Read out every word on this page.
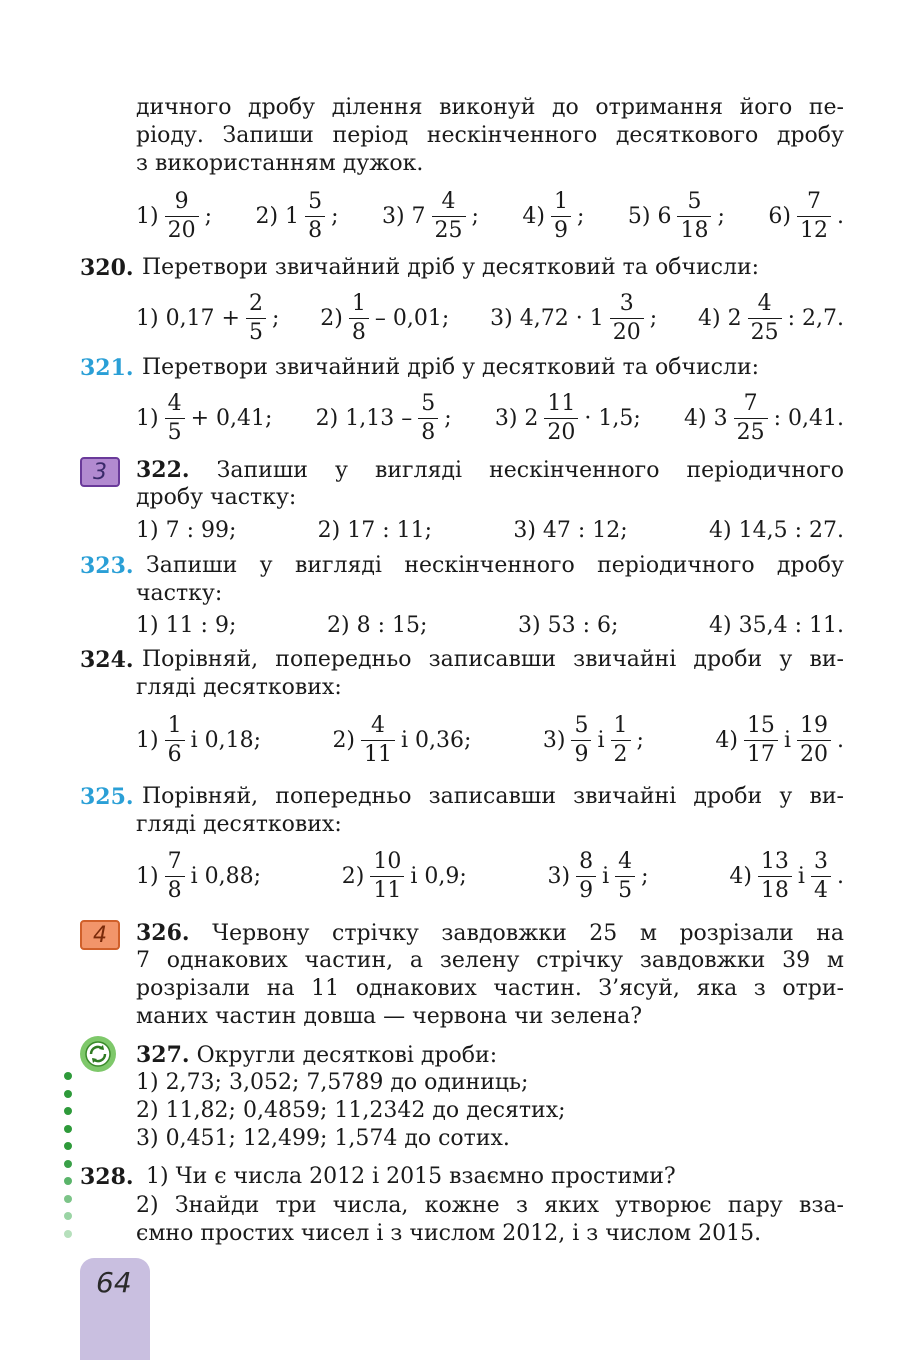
дичного дробу ділення виконуй до отримання його пе-
ріоду. Запиши період нескінченного десяткового дробу
з використанням дужок.
$1) \frac{9}{20}$ ; 2) $1 \frac{5}{8}$ ; 3) $7 \frac{4}{25}$ ; $4) \frac{1}{9}$ ; 5) $6 \frac{5}{18}$ ; $6) \frac{7}{12}$ .
320. Перетвори звичайний дріб у десятковий та обчисли:
1) $0,17 + \frac{2}{5}$ ; $2) \frac{1}{8} - 0,01$; 3) $4,72 \cdot 1 \frac{3}{20}$ ; 4) $2 \frac{4}{25}$ : 2,7.
321. Перетвори звичайний дріб у десятковий та обчисли:
$1) \frac{4}{5} + 0,41$; 2) $1,13 - \frac{5}{8}$ ; 3) $2 \frac{11}{20} \cdot 1,5$; 4) $3 \frac{7}{25}$ : 0,41.
3	322. Запиши у вигляді нескінченного періодичного
дробу частку:
1) 7 : 99;	2) 17 : 11;	3) 47 : 12;	4) 14,5 : 27.
323. Запиши у вигляді нескінченного періодичного дробу
частку:
1) 11 : 9;	2) 8 : 15;	3) 53 : 6;	4) 35,4 : 11.
324. Порівняй, попередньо записавши звичайні дроби у ви-
гляді десяткових:
$1) \frac{1}{6}$ і 0,18;	$2) \frac{4}{11}$ і 0,36;	$3) \frac{5}{9}$ і $\frac{1}{2}$ ;	$4) \frac{15}{17}$ і $\frac{19}{20}$ .
325. Порівняй, попередньо записавши звичайні дроби у ви-
гляді десяткових:
$1) \frac{7}{8}$ і 0,88;	$2) \frac{10}{11}$ і 0,9;	$3) \frac{8}{9}$ і $\frac{4}{5}$ ;	$4) \frac{13}{18}$ і $\frac{3}{4}$ .
4	326. Червону стрічку завдовжки 25 м розрізали на
7 однакових частин, а зелену стрічку завдовжки 39 м
розрізали на 11 однакових частин. З’ясуй, яка з отри-
маних частин довша — червона чи зелена?
327. Округли десяткові дроби:
1) 2,73; 3,052; 7,5789 до одиниць;
2) 11,82; 0,4859; 11,2342 до десятих;
3) 0,451; 12,499; 1,574 до сотих.
328. 1) Чи є числа 2012 і 2015 взаємно простими?
2) Знайди три числа, кожне з яких утворює пару вза-
ємно простих чисел і з числом 2012, і з числом 2015.
64
